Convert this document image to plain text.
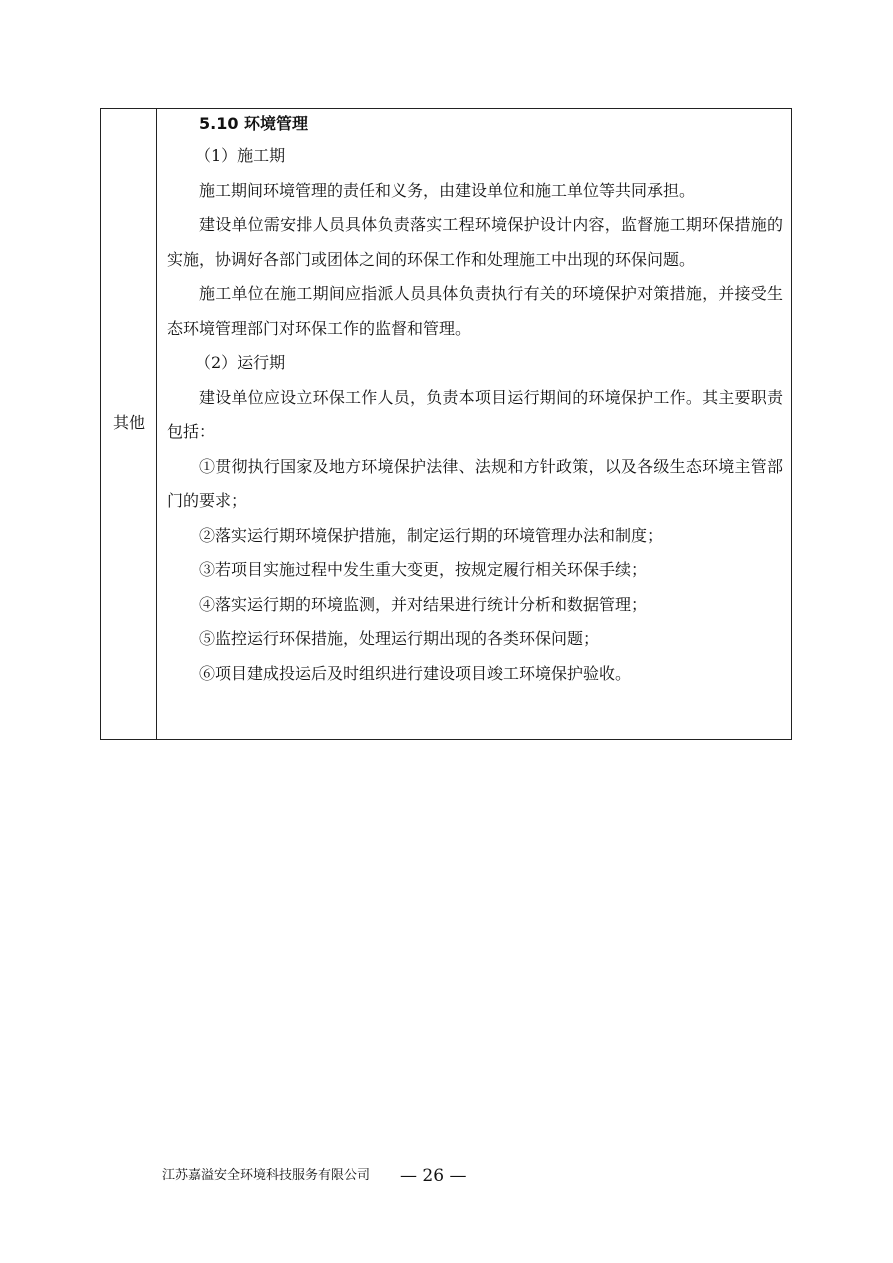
其他

5.10 环境管理

（1）施工期

施工期间环境管理的责任和义务，由建设单位和施工单位等共同承担。

建设单位需安排人员具体负责落实工程环境保护设计内容，监督施工期环保措施的实施，协调好各部门或团体之间的环保工作和处理施工中出现的环保问题。

施工单位在施工期间应指派人员具体负责执行有关的环境保护对策措施，并接受生态环境管理部门对环保工作的监督和管理。

（2）运行期

建设单位应设立环保工作人员，负责本项目运行期间的环境保护工作。其主要职责包括：

①贯彻执行国家及地方环境保护法律、法规和方针政策，以及各级生态环境主管部门的要求；

②落实运行期环境保护措施，制定运行期的环境管理办法和制度；

③若项目实施过程中发生重大变更，按规定履行相关环保手续；

④落实运行期的环境监测，并对结果进行统计分析和数据管理；

⑤监控运行环保措施，处理运行期出现的各类环保问题；

⑥项目建成投运后及时组织进行建设项目竣工环境保护验收。

江苏嘉溢安全环境科技服务有限公司 — 26 —
